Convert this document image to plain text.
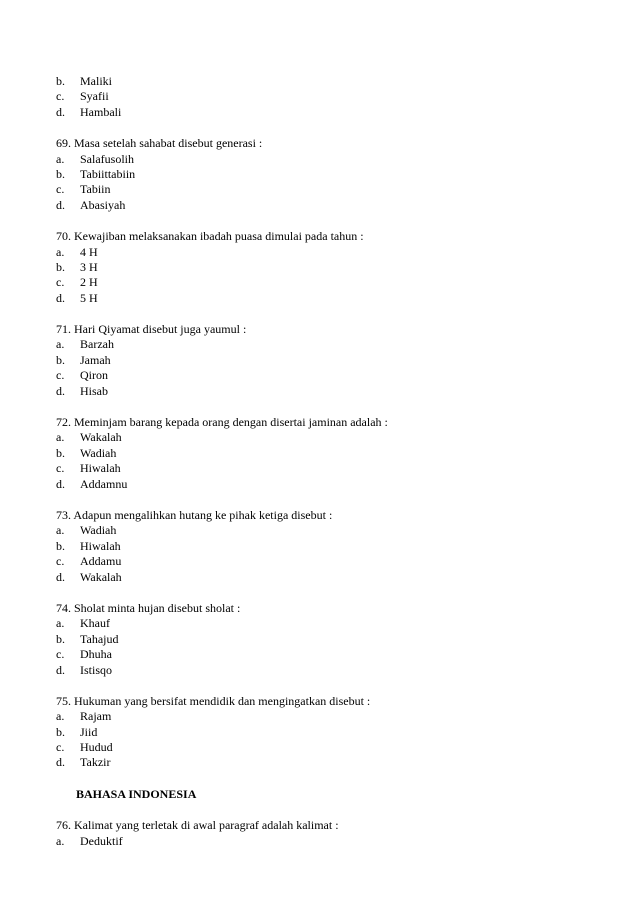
b.	Maliki
c.	Syafii
d.	Hambali
69. Masa setelah sahabat disebut generasi :
a.	Salafusolih
b.	Tabiittabiin
c.	Tabiin
d.	Abasiyah
70. Kewajiban melaksanakan ibadah puasa dimulai pada tahun :
a.	4 H
b.	3 H
c.	2 H
d.	5 H
71. Hari Qiyamat disebut juga yaumul :
a.	Barzah
b.	Jamah
c.	Qiron
d.	Hisab
72. Meminjam barang kepada orang dengan disertai jaminan adalah :
a.	Wakalah
b.	Wadiah
c.	Hiwalah
d.	Addamnu
73. Adapun mengalihkan hutang ke pihak ketiga disebut :
a.	Wadiah
b.	Hiwalah
c.	Addamu
d.	Wakalah
74. Sholat minta hujan disebut sholat :
a.	Khauf
b.	Tahajud
c.	Dhuha
d.	Istisqo
75. Hukuman yang bersifat mendidik dan mengingatkan disebut :
a.	Rajam
b.	Jiid
c.	Hudud
d.	Takzir
BAHASA INDONESIA
76. Kalimat yang terletak di awal paragraf adalah kalimat :
a.	Deduktif
